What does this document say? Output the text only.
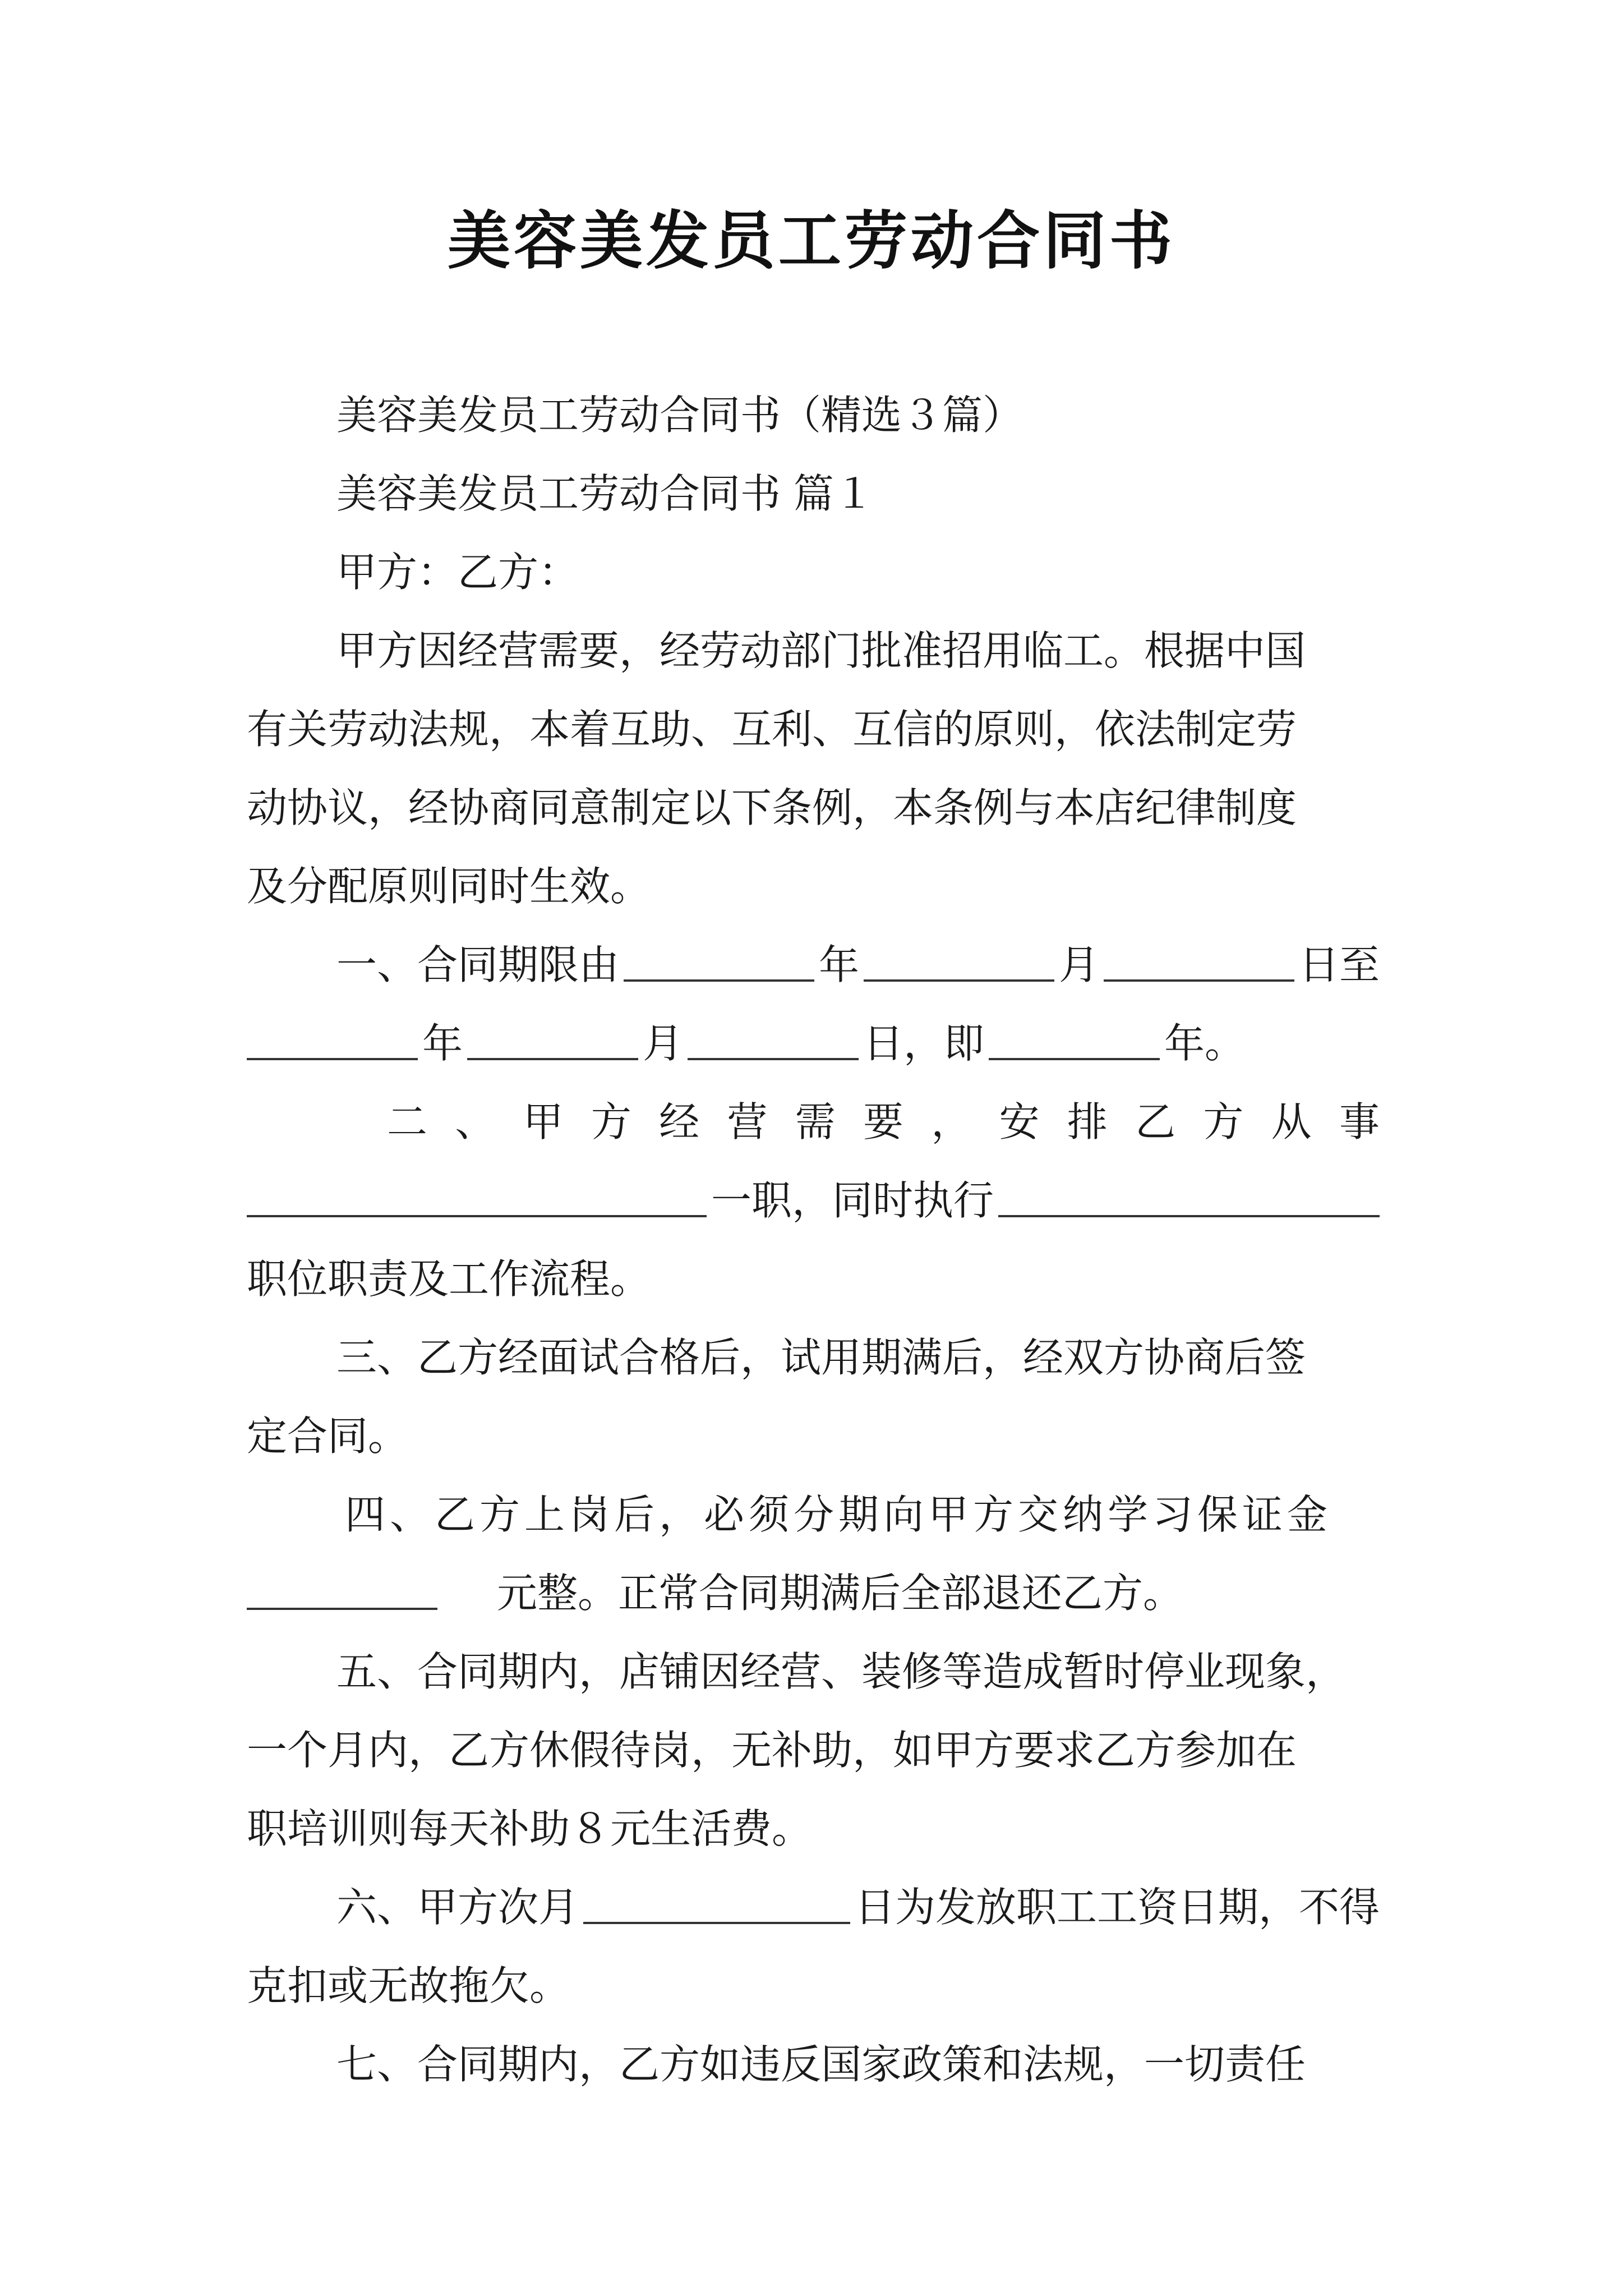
美容美发员工劳动合同书
美容美发员工劳动合同书（精选３篇）
美容美发员工劳动合同书 篇１
甲方：乙方：
甲方因经营需要，经劳动部门批准招用临工。根据中国
有关劳动法规，本着互助、互利、互信的原则，依法制定劳
动协议，经协商同意制定以下条例，本条例与本店纪律制度
及分配原则同时生效。
一、合同期限由	年	月	日至
年	月	日，即	年。
二 、 甲 方 经 营 需 要 ， 安 排 乙 方 从 事
一职，同时执行
职位职责及工作流程。
三、乙方经面试合格后，试用期满后，经双方协商后签
定合同。
四、乙方上岗后，必须分期向甲方交纳学习保证金
元整。正常合同期满后全部退还乙方。
五、合同期内，店铺因经营、装修等造成暂时停业现象，
一个月内，乙方休假待岗，无补助，如甲方要求乙方参加在
职培训则每天补助８元生活费。
六、甲方次月	日为发放职工工资日期，不得
克扣或无故拖欠。
七、合同期内，乙方如违反国家政策和法规，一切责任
